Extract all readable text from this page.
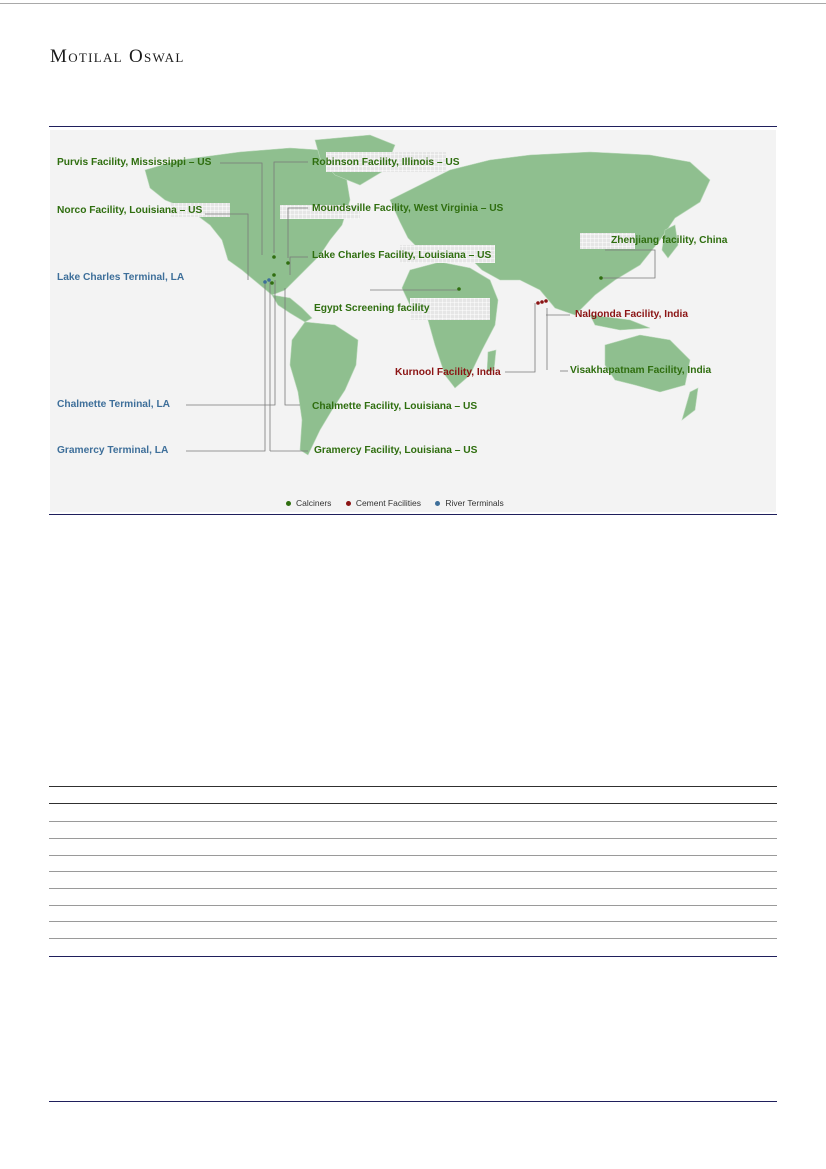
Motilal Oswal
Purvis Facility, Mississippi – US
Norco Facility, Louisiana – US
Lake Charles Terminal, LA
Chalmette Terminal, LA
Gramercy Terminal, LA
Robinson Facility, Illinois – US
Moundsville Facility, West Virginia – US
Lake Charles Facility, Louisiana – US
Egypt Screening facility
Chalmette Facility, Louisiana – US
Gramercy Facility, Louisiana – US
Zhenjiang facility, China
Nalgonda Facility, India
Kurnool Facility, India	Visakhapatnam Facility, India
Calciners	Cement Facilities	River Terminals
